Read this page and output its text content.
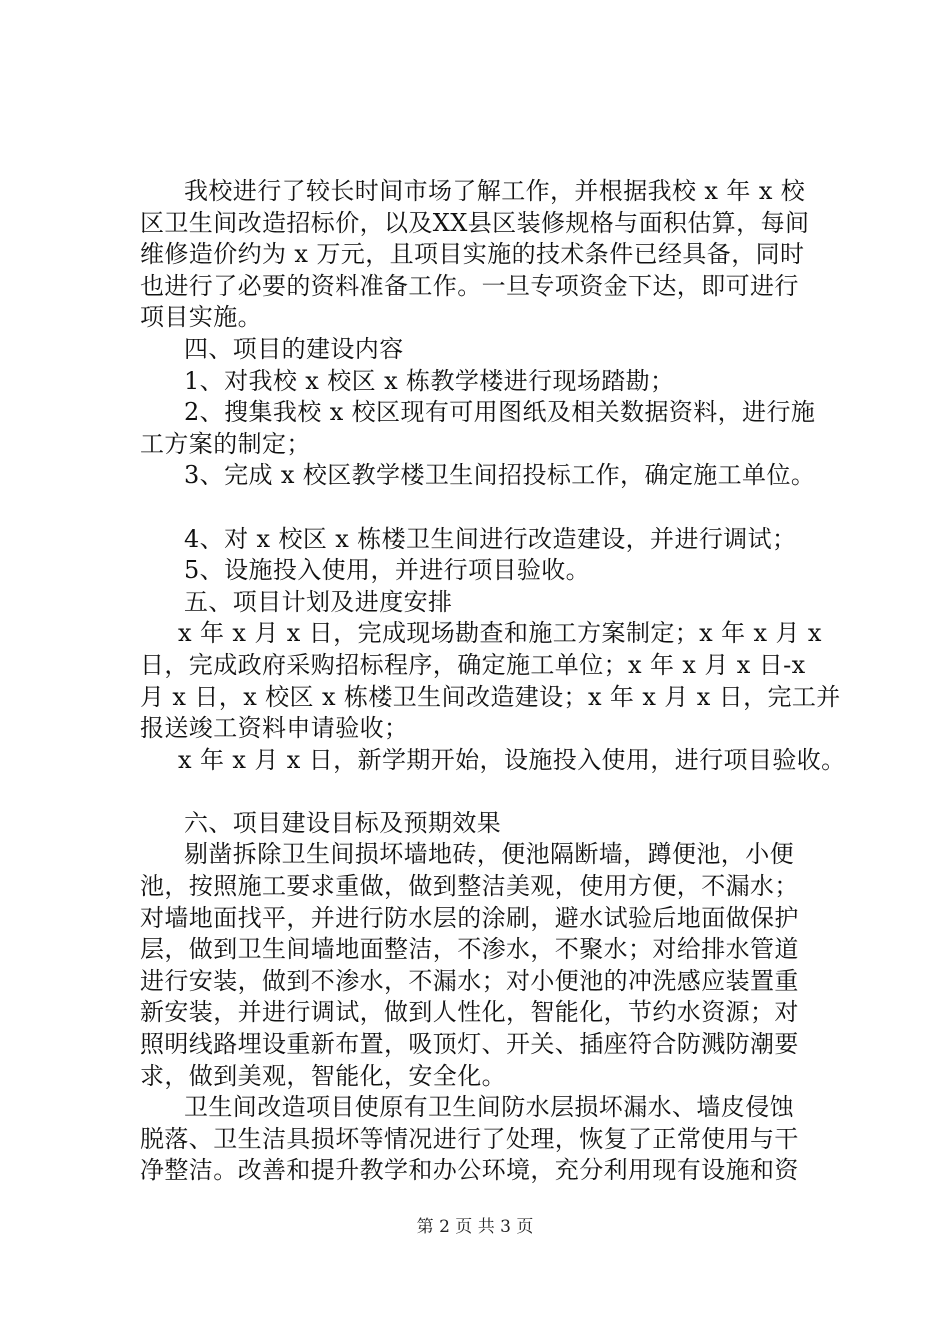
我校进行了较长时间市场了解工作，并根据我校 x 年 x 校
区卫生间改造招标价，以及XX县区装修规格与面积估算，每间
维修造价约为 x 万元，且项目实施的技术条件已经具备，同时
也进行了必要的资料准备工作。一旦专项资金下达，即可进行
项目实施。
四、项目的建设内容
1、对我校 x 校区 x 栋教学楼进行现场踏勘；
2、搜集我校 x 校区现有可用图纸及相关数据资料，进行施
工方案的制定；
3、完成 x 校区教学楼卫生间招投标工作，确定施工单位。
4、对 x 校区 x 栋楼卫生间进行改造建设，并进行调试；
5、设施投入使用，并进行项目验收。
五、项目计划及进度安排
x 年 x 月 x 日，完成现场勘查和施工方案制定；x 年 x 月 x
日，完成政府采购招标程序，确定施工单位；x 年 x 月 x 日-x
月 x 日，x 校区 x 栋楼卫生间改造建设；x 年 x 月 x 日，完工并
报送竣工资料申请验收；
x 年 x 月 x 日，新学期开始，设施投入使用，进行项目验收。
六、项目建设目标及预期效果
剔凿拆除卫生间损坏墙地砖，便池隔断墙，蹲便池，小便
池，按照施工要求重做，做到整洁美观，使用方便，不漏水；
对墙地面找平，并进行防水层的涂刷，避水试验后地面做保护
层，做到卫生间墙地面整洁，不渗水，不聚水；对给排水管道
进行安装，做到不渗水，不漏水；对小便池的冲洗感应装置重
新安装，并进行调试，做到人性化，智能化，节约水资源；对
照明线路埋设重新布置，吸顶灯、开关、插座符合防溅防潮要
求，做到美观，智能化，安全化。
卫生间改造项目使原有卫生间防水层损坏漏水、墙皮侵蚀
脱落、卫生洁具损坏等情况进行了处理，恢复了正常使用与干
净整洁。改善和提升教学和办公环境，充分利用现有设施和资
第 2 页 共 3 页
